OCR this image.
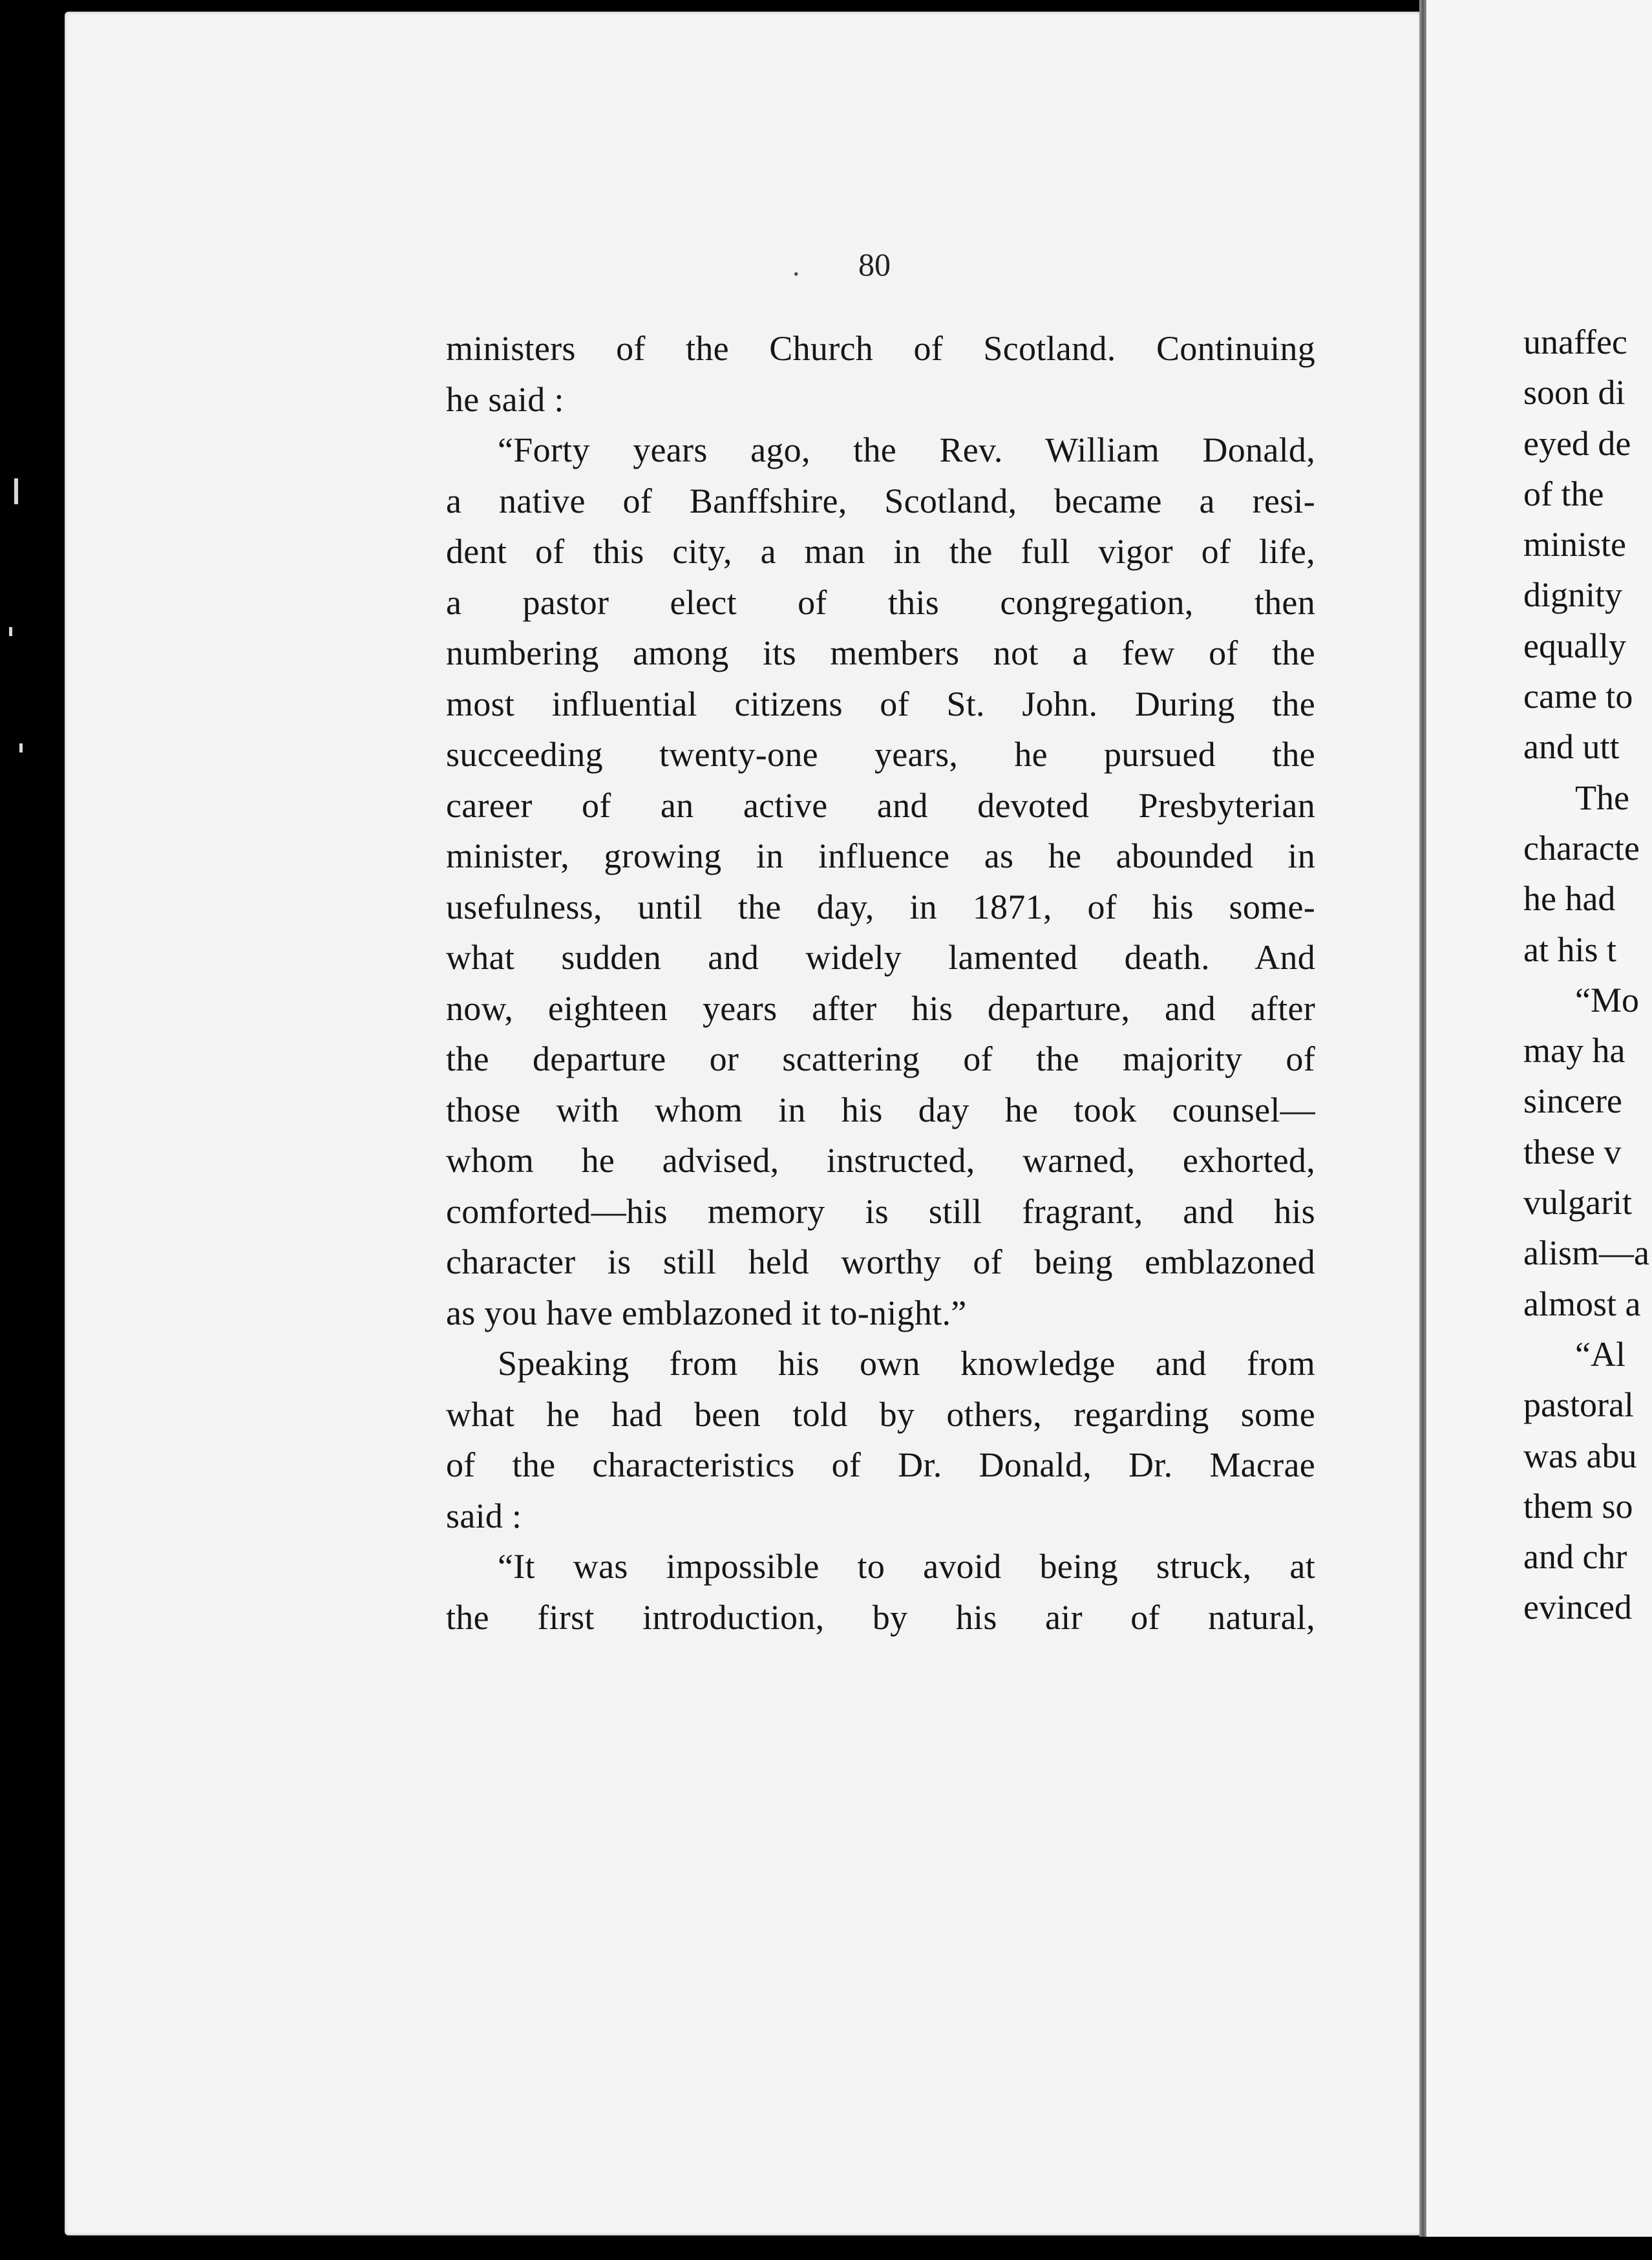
. 80
ministers of the Church of Scotland. Continuing
he said :
“Forty years ago, the Rev. William Donald,
a native of Banffshire, Scotland, became a resi-
dent of this city, a man in the full vigor of life,
a pastor elect of this congregation, then
numbering among its members not a few of the
most influential citizens of St. John. During the
succeeding twenty-one years, he pursued the
career of an active and devoted Presbyterian
minister, growing in influence as he abounded in
usefulness, until the day, in 1871, of his some-
what sudden and widely lamented death. And
now, eighteen years after his departure, and after
the departure or scattering of the majority of
those with whom in his day he took counsel—
whom he advised, instructed, warned, exhorted,
comforted—his memory is still fragrant, and his
character is still held worthy of being emblazoned
as you have emblazoned it to-night.”
Speaking from his own knowledge and from
what he had been told by others, regarding some
of the characteristics of Dr. Donald, Dr. Macrae
said :
“It was impossible to avoid being struck, at
the first introduction, by his air of natural,
unaffec
soon di
eyed de
of the
ministe
dignity
equally
came to
and utt
The
characte
he had
at his t
“Mo
may ha
sincere
these v
vulgarit
alism—a
almost a
“Al
pastoral
was abu
them so
and chr
evinced
